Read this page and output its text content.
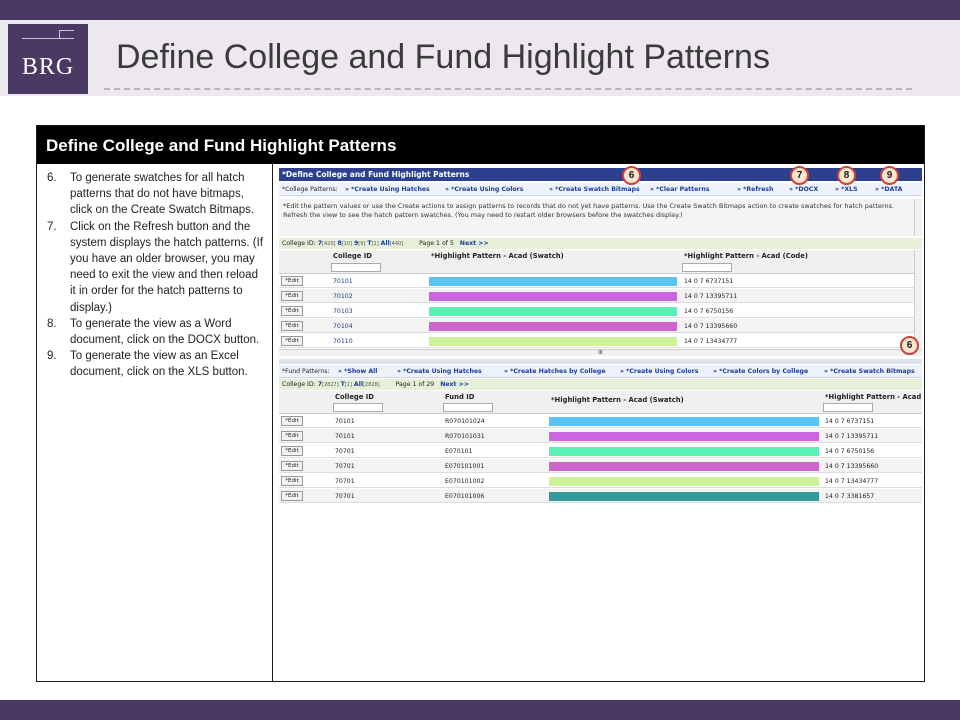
BRG	Define College and Fund Highlight Patterns
Define College and Fund Highlight Patterns
6.	To generate swatches for all hatch patterns that do not have bitmaps, click on the Create Swatch Bitmaps.
7.	Click on the Refresh button and the system displays the hatch patterns. (If you have an older browser, you may need to exit the view and then reload it in order for the hatch patterns to display.)
8.	To generate the view as a Word document, click on the DOCX button.
9.	To generate the view as an Excel document, click on the XLS button.
*Define College and Fund Highlight Patterns
*College Patterns: » *Create Using Hatches » *Create Using Colors	» *Create Swatch Bitmaps » *Clear Patterns	» *Refresh	» *DOCX	» *XLS	» *DATA
*Edit the pattern values or use the Create actions to assign patterns to records that do not yet have patterns. Use the Create Swatch Bitmaps action to create swatches for hatch patterns. Refresh the view to see the hatch pattern swatches. (You may need to restart older browsers before the swatches display.)
College ID: 7[420] 8[10] 9[9] T[1] All[440]	Page 1 of 5 Next >>
College ID	*Highlight Pattern - Acad (Swatch)	*Highlight Pattern - Acad (Code)
*Edit	70101	14 0 7 6737151
*Edit	70102	14 0 7 13395711
*Edit	70103	14 0 7 6750156
*Edit	70104	14 0 7 13395660
*Edit	70110	14 0 7 13434777
III
*Fund Patterns: » *Show All	» *Create Using Hatches	» *Create Hatches by College » *Create Using Colors » *Create Colors by College	» *Create Swatch Bitmaps
College ID: 7[2827] T[1] All[2828]	Page 1 of 29 Next >>
College ID	Fund ID	*Highlight Pattern - Acad (Swatch)	*Highlight Pattern - Acad
*Edit	70101	R070101024	14 0 7 6737151
*Edit	70101	R070101031	14 0 7 13395711
*Edit	70701	E070101	14 0 7 6750156
*Edit	70701	E070101001	14 0 7 13395660
*Edit	70701	E070101002	14 0 7 13434777
*Edit	70701	E070101006	14 0 7 3381657
6	7	8	9
6
